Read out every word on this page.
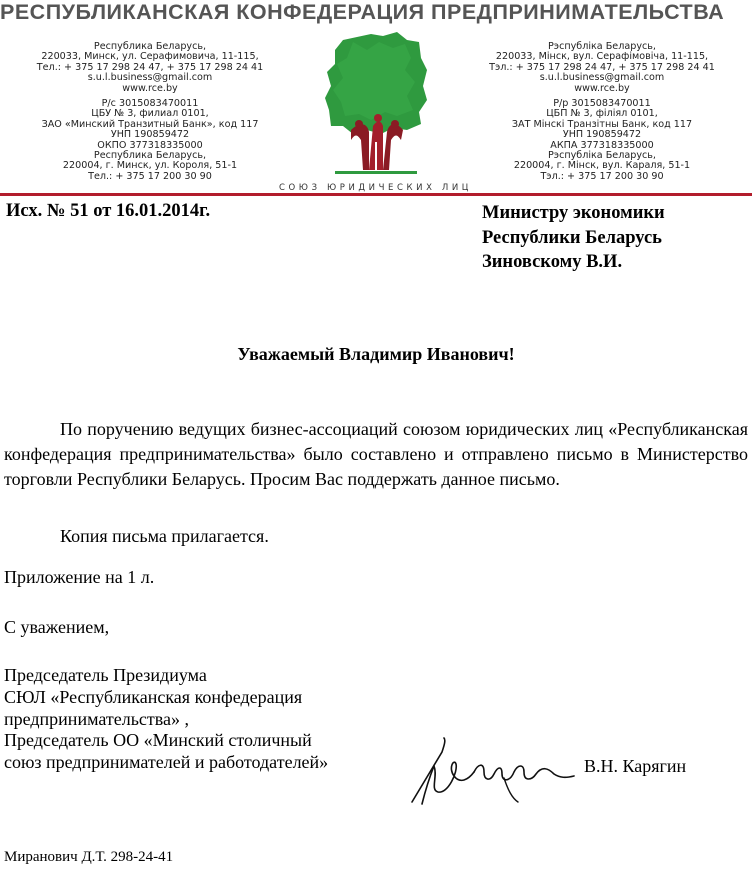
РЕСПУБЛИКАНСКАЯ КОНФЕДЕРАЦИЯ ПРЕДПРИНИМАТЕЛЬСТВА
Республика Беларусь,
220033, Минск, ул. Серафимовича, 11-115,
Тел.: + 375 17 298 24 47, + 375 17 298 24 41
s.u.l.business@gmail.com
www.rce.by
Р/с 3015083470011
ЦБУ № 3, филиал 0101,
ЗАО «Минский Транзитный Банк», код 117
УНП 190859472
ОКПО 377318335000
Республика Беларусь,
220004, г. Минск, ул. Короля, 51-1
Тел.: + 375 17 200 30 90
Рэспубліка Беларусь,
220033, Мінск, вул. Серафімовіча, 11-115,
Тэл.: + 375 17 298 24 47, + 375 17 298 24 41
s.u.l.business@gmail.com
www.rce.by
Р/р 3015083470011
ЦБП № 3, філіял 0101,
ЗАТ Мінскі Транзітны Банк, код 117
УНП 190859472
АКПА 377318335000
Рэспубліка Беларусь,
220004, г. Мінск, вул. Караля, 51-1
Тэл.: + 375 17 200 30 90
СОЮЗ ЮРИДИЧЕСКИХ ЛИЦ
Исх. № 51 от 16.01.2014г.	Министру экономики
Республики Беларусь
Зиновскому В.И.
Уважаемый Владимир Иванович!
По поручению ведущих бизнес-ассоциаций союзом юридических лиц «Республиканская конфедерация предпринимательства» было составлено и отправлено письмо в Министерство торговли Республики Беларусь. Просим Вас поддержать данное письмо.
Копия письма прилагается.
Приложение на 1 л.
С уважением,
Председатель Президиума
СЮЛ «Республиканская конфедерация
предпринимательства» ,
Председатель ОО «Минский столичный
союз предпринимателей и работодателей»	В.Н. Карягин
Миранович Д.Т. 298-24-41
